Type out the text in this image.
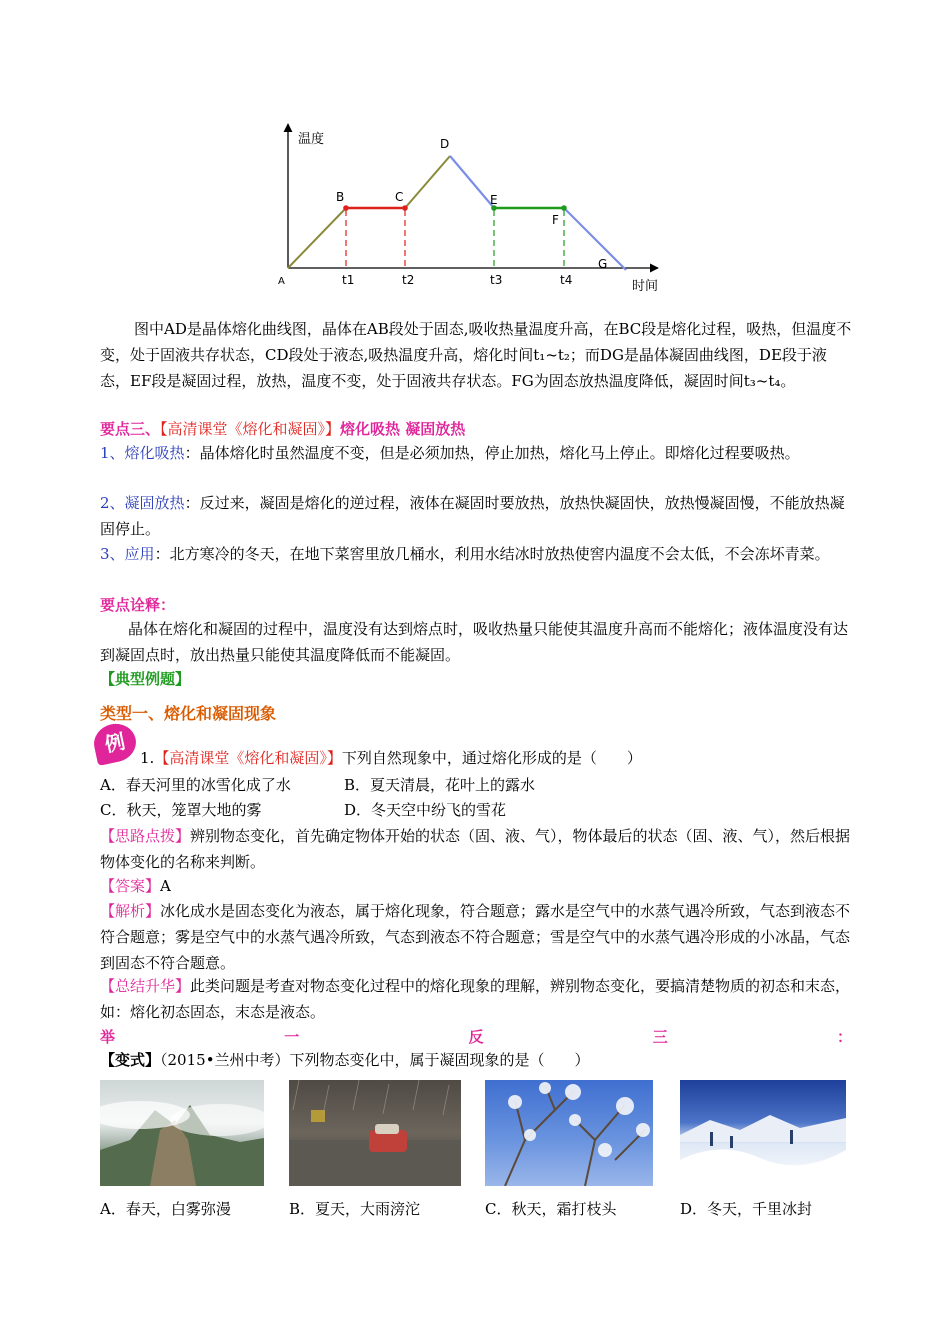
温度
时间
A
B	C
D
E
F
G
t1	t2	t3	t4
图中AD是晶体熔化曲线图，晶体在AB段处于固态,吸收热量温度升高，在BC段是熔化过程，吸热，但温度不变，处于固液共存状态，CD段处于液态,吸热温度升高，熔化时间t₁~t₂；而DG是晶体凝固曲线图，DE段于液态，EF段是凝固过程，放热，温度不变，处于固液共存状态。FG为固态放热温度降低，凝固时间t₃~t₄。
要点三、【高清课堂《熔化和凝固》】熔化吸热 凝固放热
1、熔化吸热：晶体熔化时虽然温度不变，但是必须加热，停止加热，熔化马上停止。即熔化过程要吸热。
2、凝固放热：反过来，凝固是熔化的逆过程，液体在凝固时要放热，放热快凝固快，放热慢凝固慢，不能放热凝固停止。
3、应用：北方寒冷的冬天，在地下菜窖里放几桶水，利用水结冰时放热使窖内温度不会太低，不会冻坏青菜。
要点诠释：
晶体在熔化和凝固的过程中，温度没有达到熔点时，吸收热量只能使其温度升高而不能熔化；液体温度没有达到凝固点时，放出热量只能使其温度降低而不能凝固。
【典型例题】
类型一、熔化和凝固现象
例
1.【高清课堂《熔化和凝固》】下列自然现象中，通过熔化形成的是（　　）
A．春天河里的冰雪化成了水	B．夏天清晨，花叶上的露水
C．秋天，笼罩大地的雾	D．冬天空中纷飞的雪花
【思路点拨】辨别物态变化，首先确定物体开始的状态（固、液、气），物体最后的状态（固、液、气），然后根据物体变化的名称来判断。
【答案】A
【解析】冰化成水是固态变化为液态，属于熔化现象，符合题意；露水是空气中的水蒸气遇冷所致，气态到液态不符合题意；雾是空气中的水蒸气遇冷所致，气态到液态不符合题意；雪是空气中的水蒸气遇冷形成的小冰晶，气态到固态不符合题意。
【总结升华】此类问题是考查对物态变化过程中的熔化现象的理解，辨别物态变化，要搞清楚物质的初态和末态，如：熔化初态固态，末态是液态。
举	一	反	三	：
【变式】（2015•兰州中考）下列物态变化中，属于凝固现象的是（　　）
A．春天，白雾弥漫	B．夏天，大雨滂沱	C．秋天，霜打枝头	D．冬天，千里冰封
